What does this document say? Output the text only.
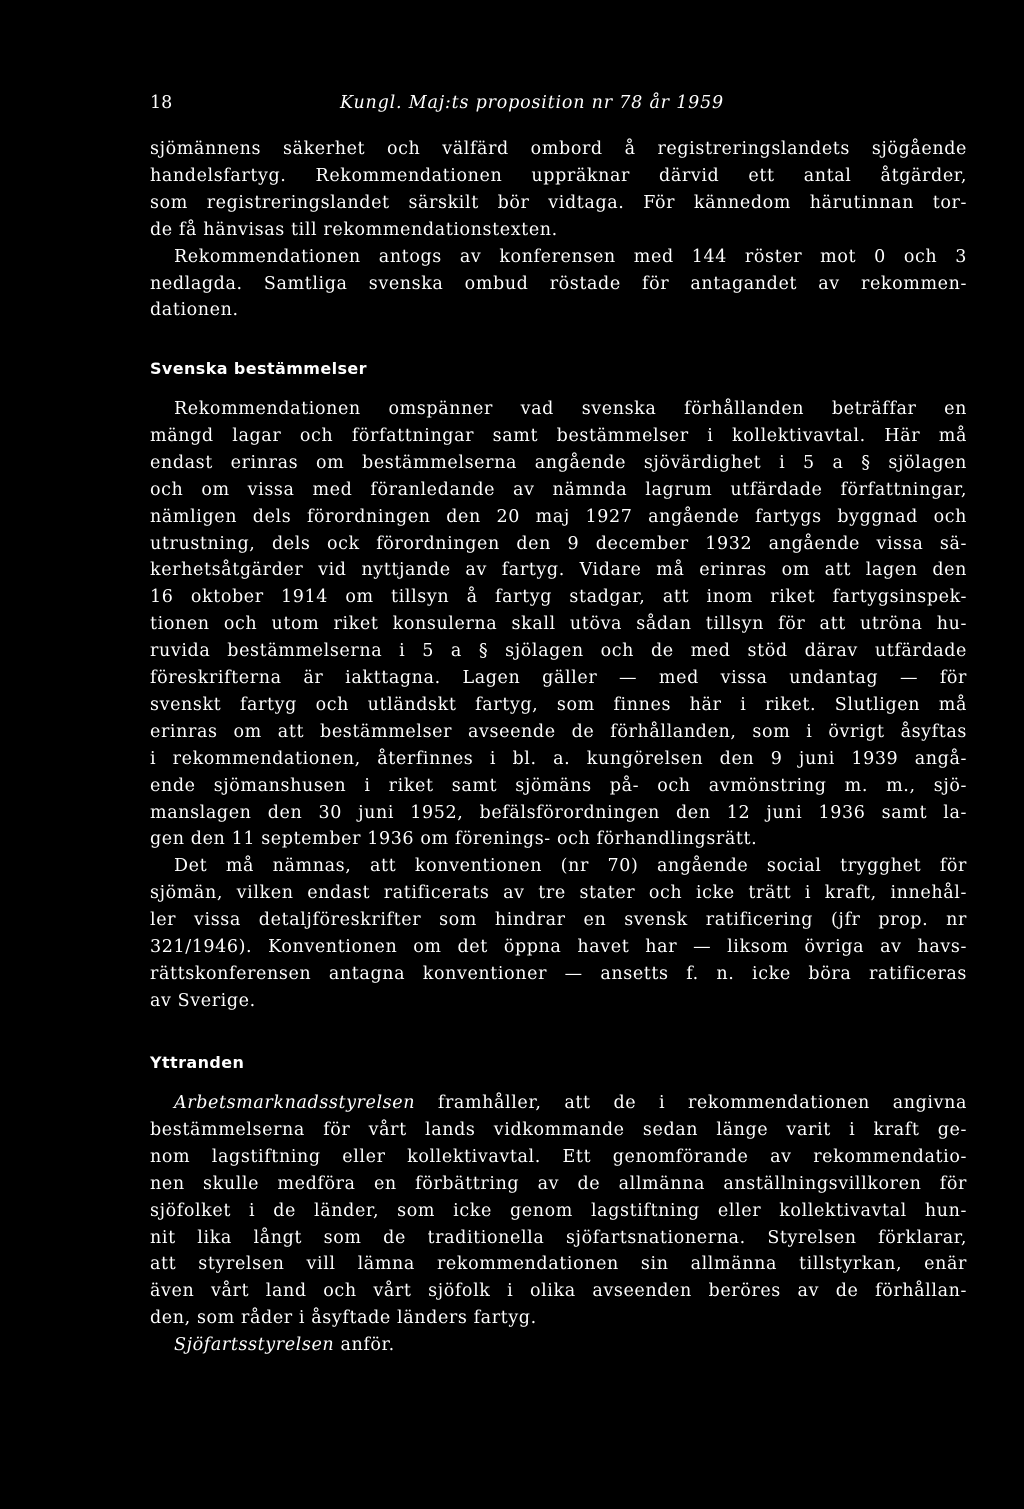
18	Kungl. Maj:ts proposition nr 78 år 1959
sjömännens säkerhet och välfärd ombord å registreringslandets sjögående
handelsfartyg. Rekommendationen uppräknar därvid ett antal åtgärder,
som registreringslandet särskilt bör vidtaga. För kännedom härutinnan tor-
de få hänvisas till rekommendationstexten.
Rekommendationen antogs av konferensen med 144 röster mot 0 och 3
nedlagda. Samtliga svenska ombud röstade för antagandet av rekommen-
dationen.
Svenska bestämmelser
Rekommendationen omspänner vad svenska förhållanden beträffar en
mängd lagar och författningar samt bestämmelser i kollektivavtal. Här må
endast erinras om bestämmelserna angående sjövärdighet i 5 a § sjölagen
och om vissa med föranledande av nämnda lagrum utfärdade författningar,
nämligen dels förordningen den 20 maj 1927 angående fartygs byggnad och
utrustning, dels ock förordningen den 9 december 1932 angående vissa sä-
kerhetsåtgärder vid nyttjande av fartyg. Vidare må erinras om att lagen den
16 oktober 1914 om tillsyn å fartyg stadgar, att inom riket fartygsinspek-
tionen och utom riket konsulerna skall utöva sådan tillsyn för att utröna hu-
ruvida bestämmelserna i 5 a § sjölagen och de med stöd därav utfärdade
föreskrifterna är iakttagna. Lagen gäller — med vissa undantag — för
svenskt fartyg och utländskt fartyg, som finnes här i riket. Slutligen må
erinras om att bestämmelser avseende de förhållanden, som i övrigt åsyftas
i rekommendationen, återfinnes i bl. a. kungörelsen den 9 juni 1939 angå-
ende sjömanshusen i riket samt sjömäns på- och avmönstring m. m., sjö-
manslagen den 30 juni 1952, befälsförordningen den 12 juni 1936 samt la-
gen den 11 september 1936 om förenings- och förhandlingsrätt.
Det må nämnas, att konventionen (nr 70) angående social trygghet för
sjömän, vilken endast ratificerats av tre stater och icke trätt i kraft, innehål-
ler vissa detaljföreskrifter som hindrar en svensk ratificering (jfr prop. nr
321/1946). Konventionen om det öppna havet har — liksom övriga av havs-
rättskonferensen antagna konventioner — ansetts f. n. icke böra ratificeras
av Sverige.
Yttranden
Arbetsmarknadsstyrelsen framhåller, att de i rekommendationen angivna
bestämmelserna för vårt lands vidkommande sedan länge varit i kraft ge-
nom lagstiftning eller kollektivavtal. Ett genomförande av rekommendatio-
nen skulle medföra en förbättring av de allmänna anställningsvillkoren för
sjöfolket i de länder, som icke genom lagstiftning eller kollektivavtal hun-
nit lika långt som de traditionella sjöfartsnationerna. Styrelsen förklarar,
att styrelsen vill lämna rekommendationen sin allmänna tillstyrkan, enär
även vårt land och vårt sjöfolk i olika avseenden beröres av de förhållan-
den, som råder i åsyftade länders fartyg.
Sjöfartsstyrelsen anför.
